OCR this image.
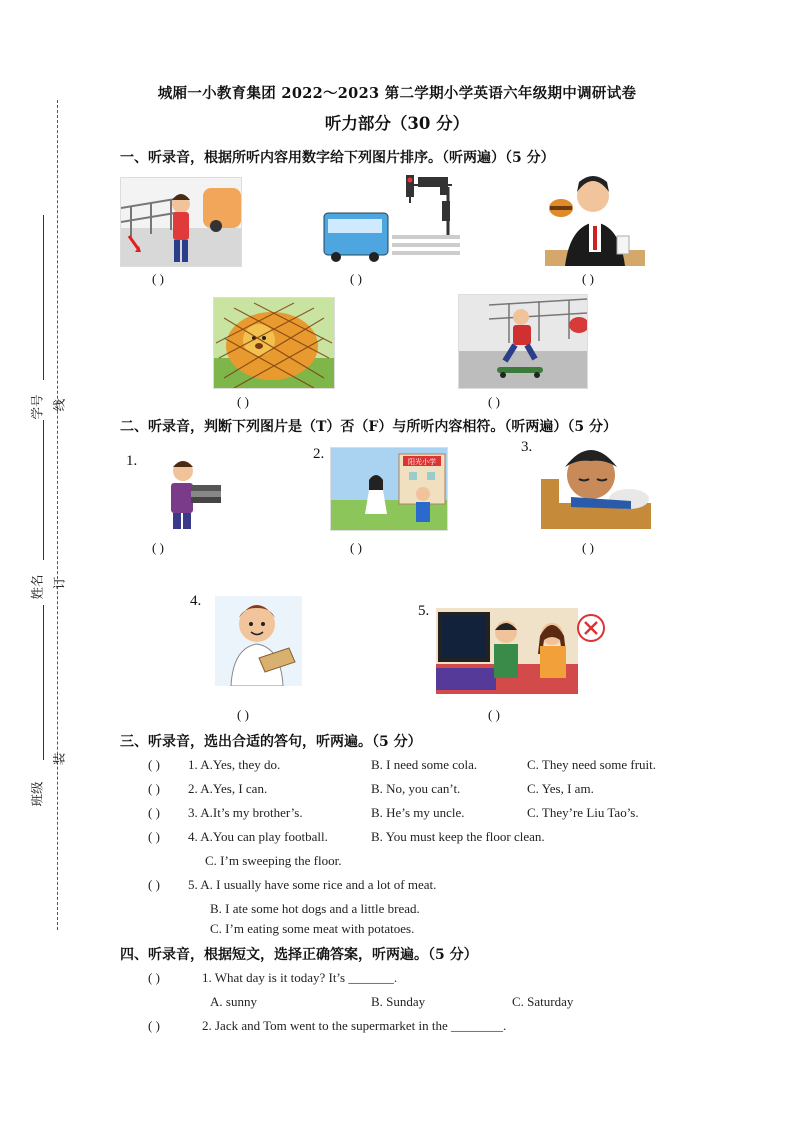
学号 线
姓名 订
班级
装
城厢一小教育集团 2022～2023 第二学期小学英语六年级期中调研试卷
听力部分（30 分）
一、听录音，根据所听内容用数字给下列图片排序。（听两遍）（5 分）
( )	( )	( )
( )	( )
二、听录音，判断下列图片是（T）否（F）与所听内容相符。（听两遍）（5 分）
1.	2.	阳光小学
3.
( )	( )	( )
4.
5.
( )	( )
三、听录音，选出合适的答句，听两遍。（5 分）
( ) 1. A.Yes, they do.	B. I need some cola.	C. They need some fruit.
( ) 2. A.Yes, I can.	B. No, you can’t.	C. Yes, I am.
( ) 3. A.It’s my brother’s.	B. He’s my uncle.	C. They’re Liu Tao’s.
( ) 4. A.You can play football.	B. You must keep the floor clean.
C. I’m sweeping the floor.
( ) 5. A. I usually have some rice and a lot of meat.
B. I ate some hot dogs and a little bread.
C. I’m eating some meat with potatoes.
四、听录音，根据短文，选择正确答案，听两遍。（5 分）
( )	1. What day is it today? It’s _______.
A. sunny	B. Sunday	C. Saturday
( )	2. Jack and Tom went to the supermarket in the ________.
